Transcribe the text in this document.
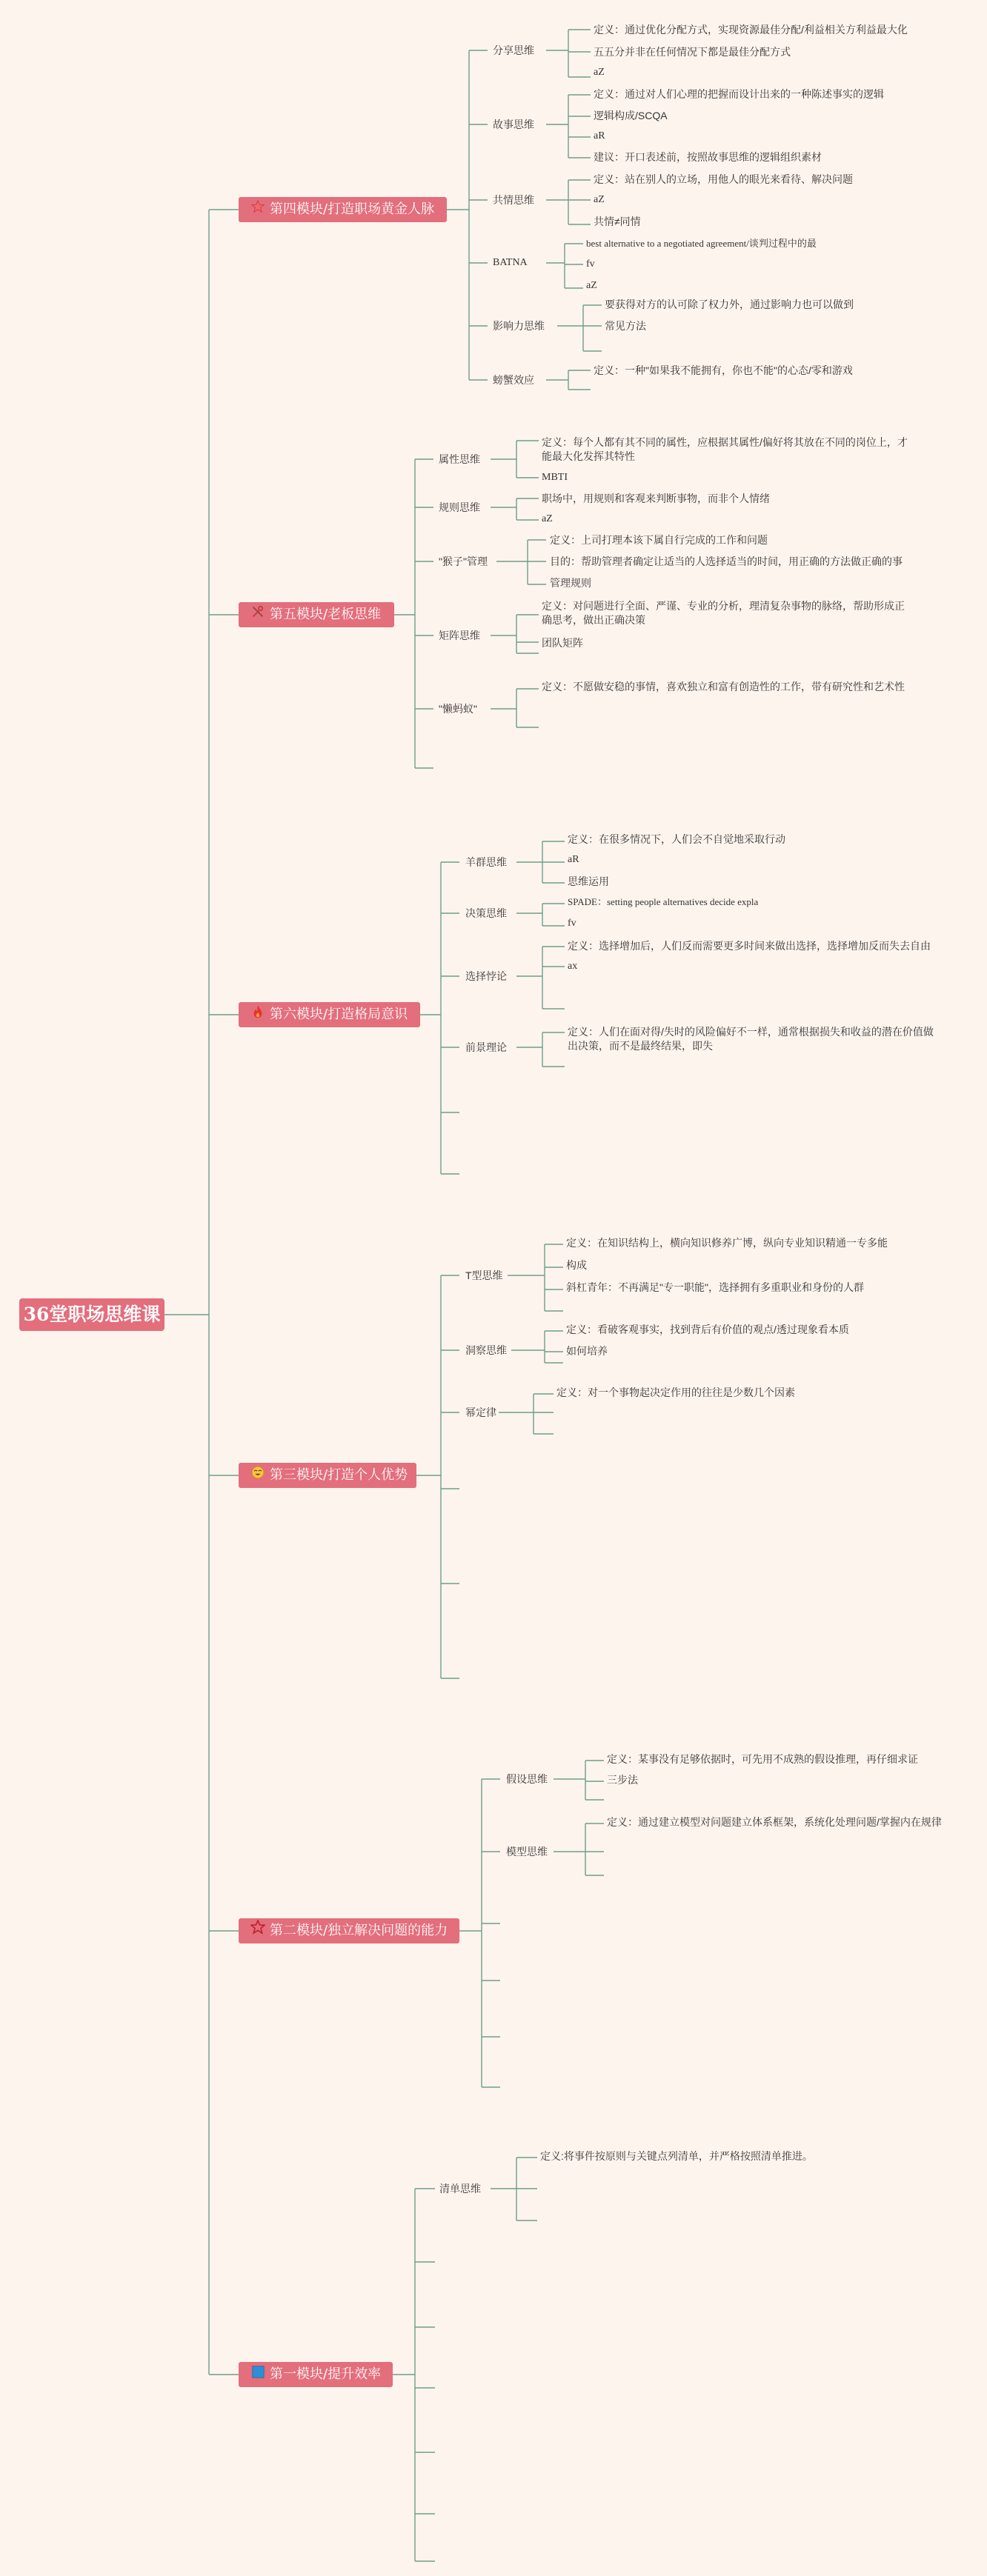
36堂职场思维课
第四模块/打造职场黄金人脉
第五模块/老板思维
第六模块/打造格局意识
第三模块/打造个人优势
第二模块/独立解决问题的能力
第一模块/提升效率
分享思维
故事思维
共情思维
BATNA
影响力思维
螃蟹效应
定义：通过优化分配方式，实现资源最佳分配/利益相关方利益最大化
五五分并非在任何情况下都是最佳分配方式
aZ
定义：通过对人们心理的把握而设计出来的一种陈述事实的逻辑
逻辑构成/SCQA
aR
建议：开口表述前，按照故事思维的逻辑组织素材
定义：站在别人的立场，用他人的眼光来看待、解决问题
aZ
共情≠同情
best alternative to a negotiated agreement/谈判过程中的最
fv
aZ
要获得对方的认可除了权力外，通过影响力也可以做到
常见方法
定义：一种"如果我不能拥有，你也不能"的心态/零和游戏
属性思维
规则思维
"猴子"管理
矩阵思维
"懒蚂蚁"
定义：每个人都有其不同的属性，应根据其属性/偏好将其放在不同的岗位上，才
能最大化发挥其特性
MBTI
职场中，用规则和客观来判断事物，而非个人情绪
aZ
定义：上司打理本该下属自行完成的工作和问题
目的：帮助管理者确定让适当的人选择适当的时间，用正确的方法做正确的事
管理规则
定义：对问题进行全面、严谨、专业的分析，理清复杂事物的脉络，帮助形成正
确思考，做出正确决策
团队矩阵
定义：不愿做安稳的事情，喜欢独立和富有创造性的工作，带有研究性和艺术性
羊群思维
决策思维
选择悖论
前景理论
定义：在很多情况下，人们会不自觉地采取行动
aR
思维运用
SPADE：setting people alternatives decide expla
fv
定义：选择增加后，人们反而需要更多时间来做出选择，选择增加反而失去自由
ax
定义：人们在面对得/失时的风险偏好不一样，通常根据损失和收益的潜在价值做
出决策，而不是最终结果，即失
T型思维
洞察思维
幂定律
定义：在知识结构上，横向知识修养广博，纵向专业知识精通一专多能
构成
斜杠青年：不再满足"专一职能"，选择拥有多重职业和身份的人群
定义：看破客观事实，找到背后有价值的观点/透过现象看本质
如何培养
定义：对一个事物起决定作用的往往是少数几个因素
假设思维
模型思维
定义：某事没有足够依据时，可先用不成熟的假设推理，再仔细求证
三步法
定义：通过建立模型对问题建立体系框架，系统化处理问题/掌握内在规律
清单思维
定义:将事件按原则与关键点列清单，并严格按照清单推进。
